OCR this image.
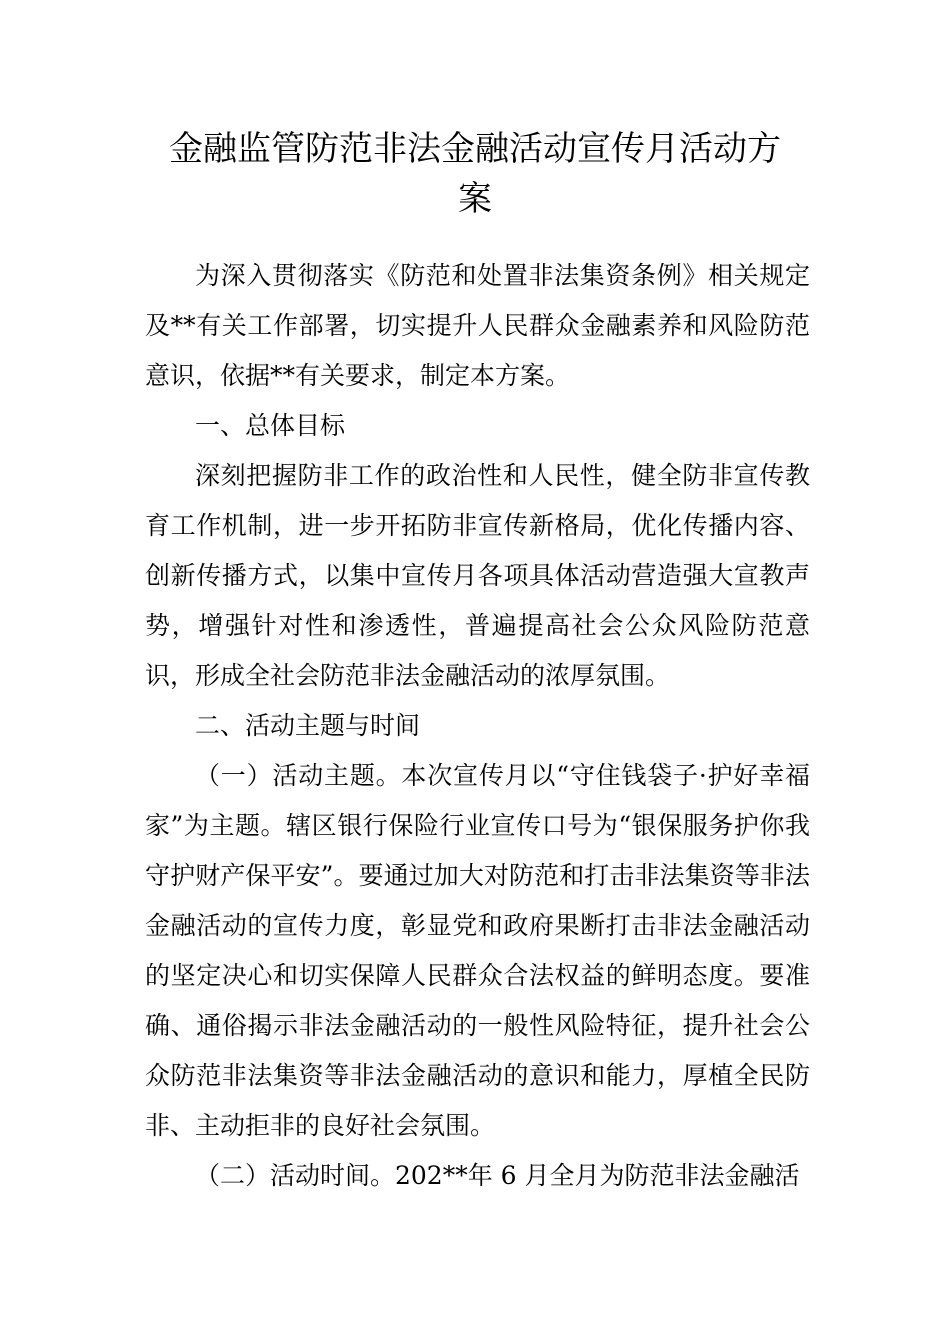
金融监管防范非法金融活动宣传月活动方
案

为深入贯彻落实《防范和处置非法集资条例》相关规定及**有关工作部署，切实提升人民群众金融素养和风险防范意识，依据**有关要求，制定本方案。

一、总体目标

深刻把握防非工作的政治性和人民性，健全防非宣传教育工作机制，进一步开拓防非宣传新格局，优化传播内容、创新传播方式，以集中宣传月各项具体活动营造强大宣教声势，增强针对性和渗透性，普遍提高社会公众风险防范意识，形成全社会防范非法金融活动的浓厚氛围。

二、活动主题与时间

（一）活动主题。本次宣传月以“守住钱袋子·护好幸福家”为主题。辖区银行保险行业宣传口号为“银保服务护你我守护财产保平安”。要通过加大对防范和打击非法集资等非法金融活动的宣传力度，彰显党和政府果断打击非法金融活动的坚定决心和切实保障人民群众合法权益的鲜明态度。要准确、通俗揭示非法金融活动的一般性风险特征，提升社会公众防范非法集资等非法金融活动的意识和能力，厚植全民防非、主动拒非的良好社会氛围。

（二）活动时间。202**年 6 月全月为防范非法金融活
